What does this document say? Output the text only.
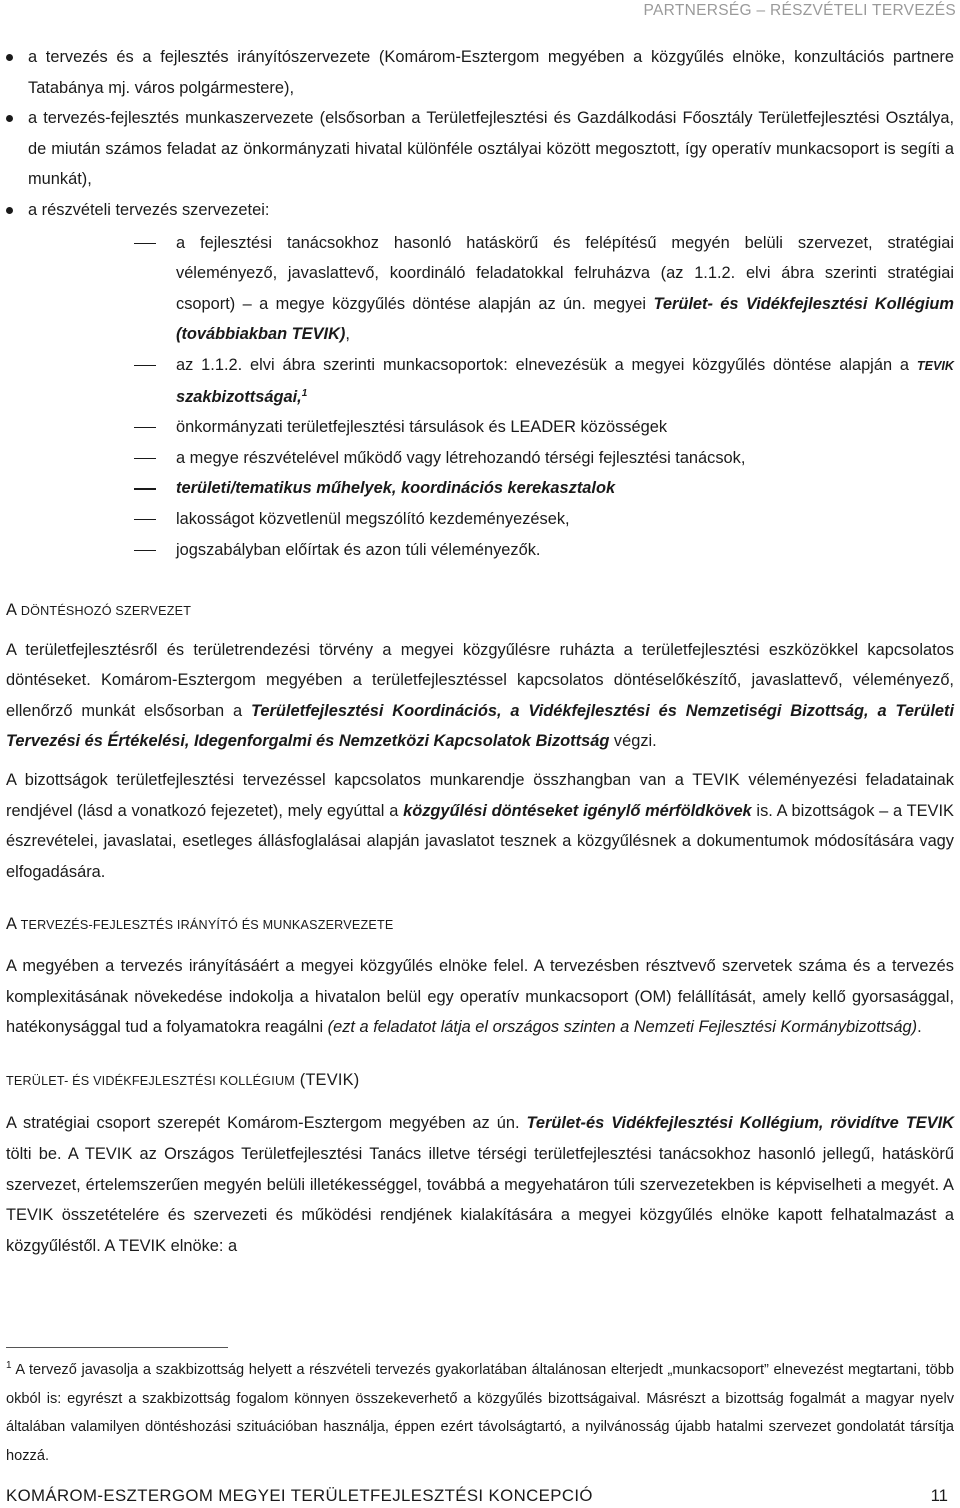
PARTNERSÉG – RÉSZVÉTELI TERVEZÉS
a tervezés és a fejlesztés irányítószervezete (Komárom-Esztergom megyében a közgyűlés elnöke, konzultációs partnere Tatabánya mj. város polgármestere),
a tervezés-fejlesztés munkaszervezete (elsősorban a Területfejlesztési és Gazdálkodási Főosztály Területfejlesztési Osztálya, de miután számos feladat az önkormányzati hivatal különféle osztályai között megosztott, így operatív munkacsoport is segíti a munkát),
a részvételi tervezés szervezetei:
a fejlesztési tanácsokhoz hasonló hatáskörű és felépítésű megyén belüli szervezet, stratégiai véleményező, javaslattevő, koordináló feladatokkal felruházva (az 1.1.2. elvi ábra szerinti stratégiai csoport) – a megye közgyűlés döntése alapján az ún. megyei Terület- és Vidékfejlesztési Kollégium (továbbiakban TEVIK),
az 1.1.2. elvi ábra szerinti munkacsoportok: elnevezésük a megyei közgyűlés döntése alapján a TEVIK szakbizottságai,$^1$
önkormányzati területfejlesztési társulások és LEADER közösségek
a megye részvételével működő vagy létrehozandó térségi fejlesztési tanácsok,
területi/tematikus műhelyek, koordinációs kerekasztalok
lakosságot közvetlenül megszólító kezdeményezések,
jogszabályban előírtak és azon túli véleményezők.
A DÖNTÉSHOZÓ SZERVEZET

A területfejlesztésről és területrendezési törvény a megyei közgyűlésre ruházta a területfejlesztési eszközökkel kapcsolatos döntéseket. Komárom-Esztergom megyében a területfejlesztéssel kapcsolatos döntéselőkészítő, javaslattevő, véleményező, ellenőrző munkát elsősorban a Területfejlesztési Koordinációs, a Vidékfejlesztési és Nemzetiségi Bizottság, a Területi Tervezési és Értékelési, Idegenforgalmi és Nemzetközi Kapcsolatok Bizottság végzi.

A bizottságok területfejlesztési tervezéssel kapcsolatos munkarendje összhangban van a TEVIK véleményezési feladatainak rendjével (lásd a vonatkozó fejezetet), mely egyúttal a közgyűlési döntéseket igénylő mérföldkövek is. A bizottságok – a TEVIK észrevételei, javaslatai, esetleges állásfoglalásai alapján javaslatot tesznek a közgyűlésnek a dokumentumok módosítására vagy elfogadására.

A TERVEZÉS-FEJLESZTÉS IRÁNYÍTÓ ÉS MUNKASZERVEZETE

A megyében a tervezés irányításáért a megyei közgyűlés elnöke felel. A tervezésben résztvevő szervetek száma és a tervezés komplexitásának növekedése indokolja a hivatalon belül egy operatív munkacsoport (OM) felállítását, amely kellő gyorsasággal, hatékonysággal tud a folyamatokra reagálni (ezt a feladatot látja el országos szinten a Nemzeti Fejlesztési Kormánybizottság).

TERÜLET- ÉS VIDÉKFEJLESZTÉSI KOLLÉGIUM (TEVIK)

A stratégiai csoport szerepét Komárom-Esztergom megyében az ún. Terület-és Vidékfejlesztési Kollégium, rövidítve TEVIK tölti be. A TEVIK az Országos Területfejlesztési Tanács illetve térségi területfejlesztési tanácsokhoz hasonló jellegű, hatáskörű szervezet, értelemszerűen megyén belüli illetékességgel, továbbá a megyehatáron túli szervezetekben is képviselheti a megyét. A TEVIK összetételére és szervezeti és működési rendjének kialakítására a megyei közgyűlés elnöke kapott felhatalmazást a közgyűléstől. A TEVIK elnöke: a

$^1$ A tervező javasolja a szakbizottság helyett a részvételi tervezés gyakorlatában általánosan elterjedt „munkacsoport” elnevezést megtartani, több okból is: egyrészt a szakbizottság fogalom könnyen összekeverhető a közgyűlés bizottságaival. Másrészt a bizottság fogalmát a magyar nyelv általában valamilyen döntéshozási szituációban használja, éppen ezért távolságtartó, a nyilvánosság újabb hatalmi szervezet gondolatát társítja hozzá.
KOMÁROM-ESZTERGOM MEGYEI TERÜLETFEJLESZTÉSI KONCEPCIÓ	11
